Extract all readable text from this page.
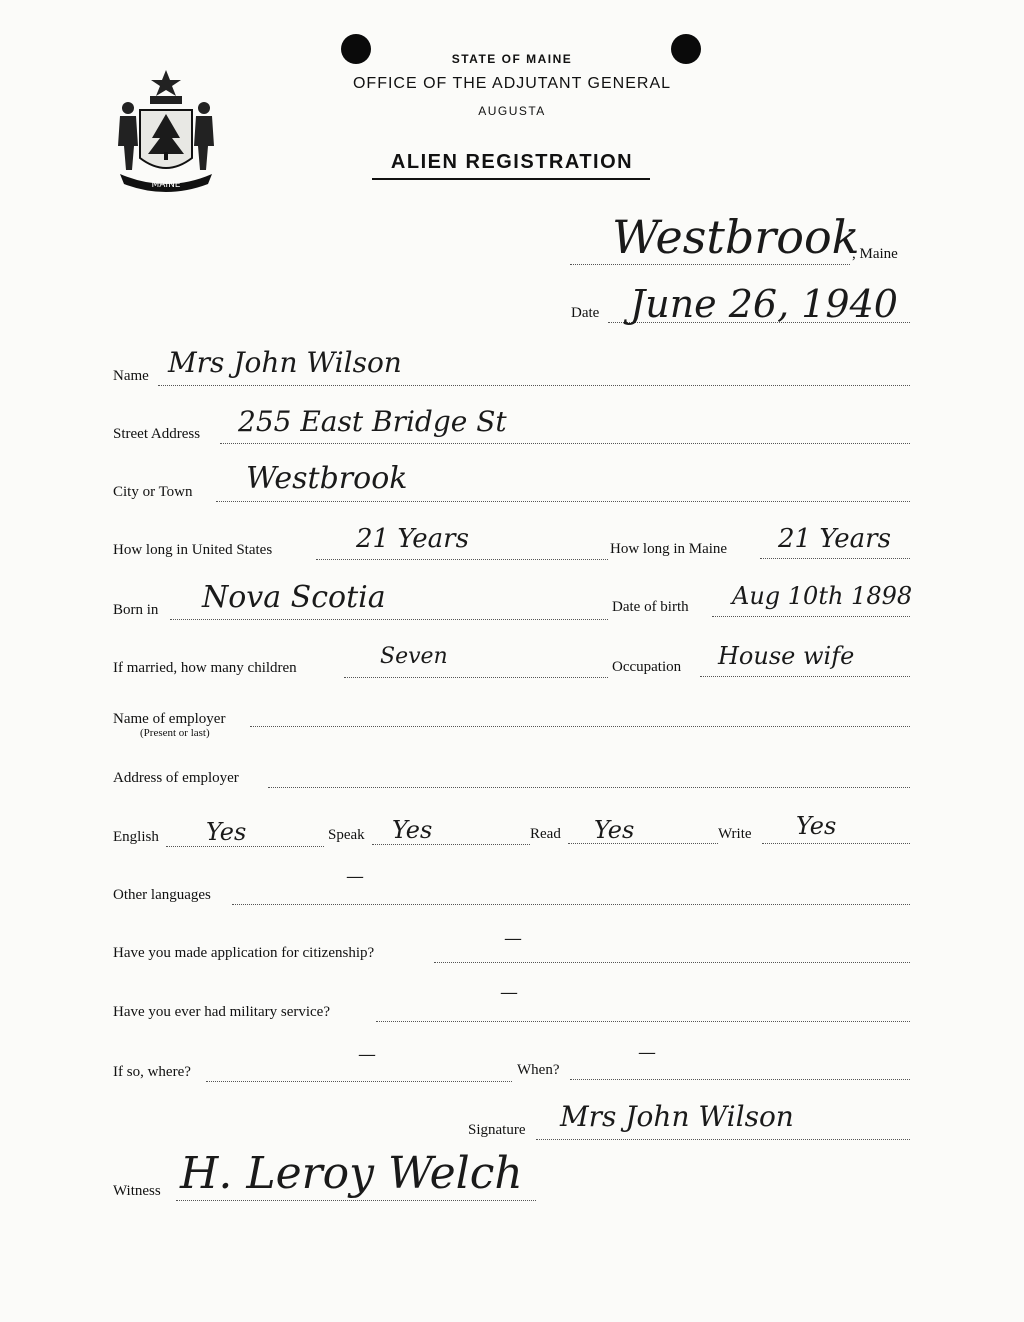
MAINE
STATE OF MAINE
OFFICE OF THE ADJUTANT GENERAL
AUGUSTA
ALIEN REGISTRATION
Westbrook
, Maine
Date June 26, 1940
Name Mrs John Wilson
Street Address 255 East Bridge St
City or Town Westbrook
How long in United States	21 Years	How long in Maine 21 Years
Born in Nova Scotia	Date of birth Aug 10th 1898
If married, how many children	Seven	Occupation House wife
Name of employer
(Present or last)
Address of employer
English Yes	Speak Yes	Read Yes	Write Yes
Other languages
—
Have you made application for citizenship?
—
Have you ever had military service?
—
If so, where?
—
When?
—
Signature Mrs John Wilson
Witness H. Leroy Welch
